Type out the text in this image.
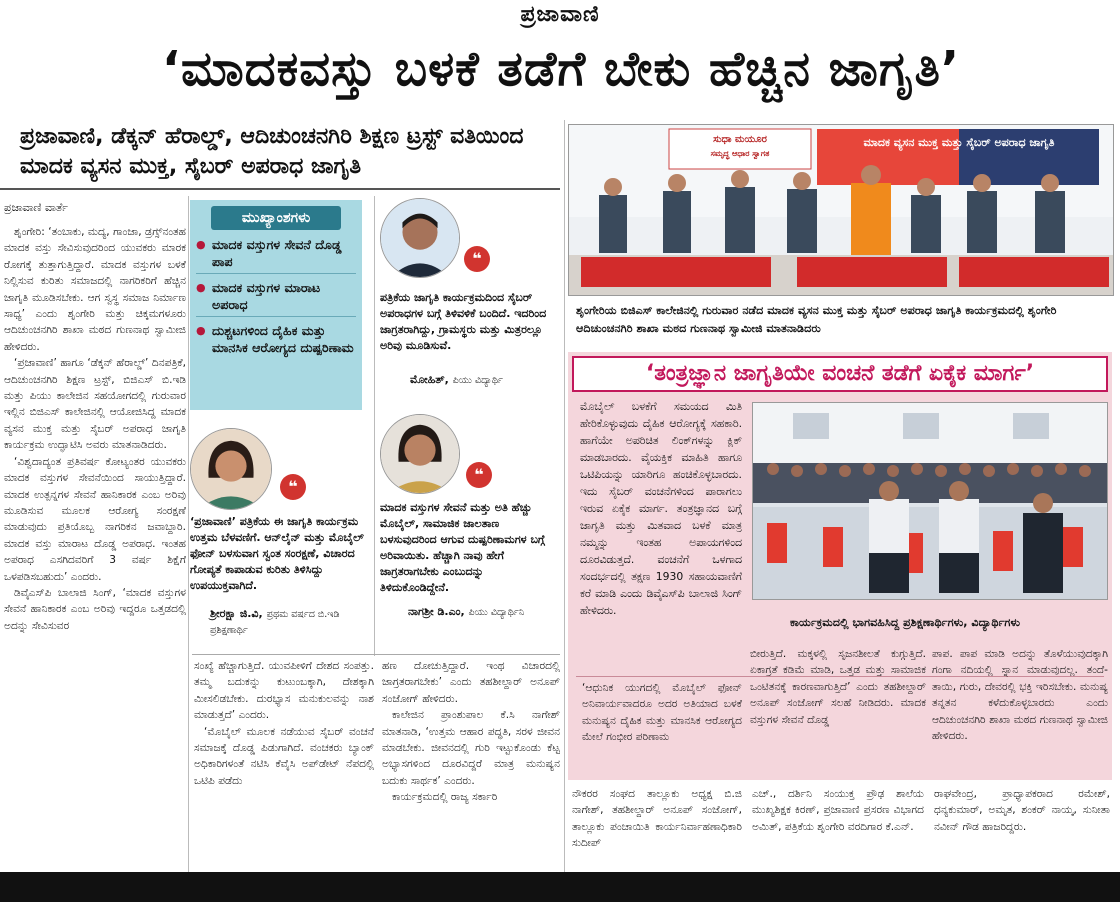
ಪ್ರಜಾವಾಣಿ
‘ಮಾದಕವಸ್ತು ಬಳಕೆ ತಡೆಗೆ ಬೇಕು ಹೆಚ್ಚಿನ ಜಾಗೃತಿ’
ಪ್ರಜಾವಾಣಿ, ಡೆಕ್ಕನ್ ಹೆರಾಲ್ಡ್, ಆದಿಚುಂಚನಗಿರಿ ಶಿಕ್ಷಣ ಟ್ರಸ್ಟ್ ವತಿಯಿಂದ ಮಾದಕ ವ್ಯಸನ ಮುಕ್ತ, ಸೈಬರ್ ಅಪರಾಧ ಜಾಗೃತಿ
ಪ್ರಜಾವಾಣಿ ವಾರ್ತೆ

ಶೃಂಗೇರಿ: ‘ತಂಬಾಕು, ಮದ್ಯ, ಗಾಂಜಾ, ಡ್ರಗ್ಸ್‌ನಂತಹ ಮಾದಕ ವಸ್ತು ಸೇವಿಸುವುದರಿಂದ ಯುವಕರು ಮಾರಕ ರೋಗಕ್ಕೆ ತುತ್ತಾಗುತ್ತಿದ್ದಾರೆ. ಮಾದಕ ವಸ್ತುಗಳ ಬಳಕೆ ನಿಲ್ಲಿಸುವ ಕುರಿತು ಸಮಾಜದಲ್ಲಿ ನಾಗರಿಕರಿಗೆ ಹೆಚ್ಚಿನ ಜಾಗೃತಿ ಮೂಡಿಸಬೇಕು. ಆಗ ಸ್ವಸ್ಥ ಸಮಾಜ ನಿರ್ಮಾಣ ಸಾಧ್ಯ’ ಎಂದು ಶೃಂಗೇರಿ ಮತ್ತು ಚಿಕ್ಕಮಗಳೂರು ಆದಿಚುಂಚನಗಿರಿ ಶಾಖಾ ಮಠದ ಗುಣನಾಥ ಸ್ವಾಮೀಜಿ ಹೇಳಿದರು.

‘ಪ್ರಜಾವಾಣಿ’ ಹಾಗೂ ‘ಡೆಕ್ಕನ್ ಹೆರಾಲ್ಡ್’ ದಿನಪತ್ರಿಕೆ, ಆದಿಚುಂಚನಗಿರಿ ಶಿಕ್ಷಣ ಟ್ರಸ್ಟ್, ಬಿಜಿಎಸ್ ಬಿ.ಇಡಿ ಮತ್ತು ಪಿಯು ಕಾಲೇಜಿನ ಸಹಯೋಗದಲ್ಲಿ ಗುರುವಾರ ಇಲ್ಲಿನ ಬಿಜಿಎಸ್ ಕಾಲೇಜಿನಲ್ಲಿ ಆಯೋಜಿಸಿದ್ದ ಮಾದಕ ವ್ಯಸನ ಮುಕ್ತ ಮತ್ತು ಸೈಬರ್ ಅಪರಾಧ ಜಾಗೃತಿ ಕಾರ್ಯಕ್ರಮ ಉದ್ಘಾಟಿಸಿ ಅವರು ಮಾತನಾಡಿದರು.

‘ವಿಶ್ವದಾದ್ಯಂತ ಪ್ರತಿವರ್ಷ ಕೋಟ್ಯಂತರ ಯುವಕರು ಮಾದಕ ವಸ್ತುಗಳ ಸೇವನೆಯಿಂದ ಸಾಯುತ್ತಿದ್ದಾರೆ. ಮಾದಕ ಉತ್ಪನ್ನಗಳ ಸೇವನೆ ಹಾನಿಕಾರಕ ಎಂಬ ಅರಿವು ಮೂಡಿಸುವ ಮೂಲಕ ಆರೋಗ್ಯ ಸಂರಕ್ಷಣೆ ಮಾಡುವುದು ಪ್ರತಿಯೊಬ್ಬ ನಾಗರಿಕನ ಜವಾಬ್ದಾರಿ. ಮಾದಕ ವಸ್ತು ಮಾರಾಟ ದೊಡ್ಡ ಅಪರಾಧ. ಇಂತಹ ಅಪರಾಧ ಎಸಗಿದವರಿಗೆ 3 ವರ್ಷ ಶಿಕ್ಷೆಗೆ ಒಳಪಡಿಸಬಹುದು’ ಎಂದರು.

ಡಿವೈಎಸ್‌ಪಿ ಬಾಲಾಜಿ ಸಿಂಗ್, ‘ಮಾದಕ ವಸ್ತುಗಳ ಸೇವನೆ ಹಾನಿಕಾರಕ ಎಂಬ ಅರಿವು ಇದ್ದರೂ ಒತ್ತಡದಲ್ಲಿ ಅದನ್ನು ಸೇವಿಸುವರ

ಮುಖ್ಯಾಂಶಗಳು
● ಮಾದಕ ವಸ್ತುಗಳ ಸೇವನೆ ದೊಡ್ಡ ಪಾಪ
● ಮಾದಕ ವಸ್ತುಗಳ ಮಾರಾಟ ಅಪರಾಧ
● ದುಶ್ಚಟಗಳಿಂದ ದೈಹಿಕ ಮತ್ತು ಮಾನಸಿಕ ಆರೋಗ್ಯದ ದುಷ್ಪರಿಣಾಮ
❝
ಪತ್ರಿಕೆಯ ಜಾಗೃತಿ ಕಾರ್ಯಕ್ರಮದಿಂದ ಸೈಬರ್ ಅಪರಾಧಗಳ ಬಗ್ಗೆ ತಿಳಿವಳಿಕೆ ಬಂದಿದೆ. ಇದರಿಂದ ಜಾಗ್ರತರಾಗಿದ್ದು, ಗ್ರಾಮಸ್ಥರು ಮತ್ತು ಮಿತ್ರರಲ್ಲೂ ಅರಿವು ಮೂಡಿಸುವೆ.
ಮೋಹಿತ್, ಪಿಯು ವಿದ್ಯಾರ್ಥಿ
❝
‘ಪ್ರಜಾವಾಣಿ’ ಪತ್ರಿಕೆಯ ಈ ಜಾಗೃತಿ ಕಾರ್ಯಕ್ರಮ ಉತ್ತಮ ಬೆಳವಣಿಗೆ. ಆನ್‌ಲೈನ್ ಮತ್ತು ಮೊಬೈಲ್ ಫೋನ್ ಬಳಸುವಾಗ ಸ್ವಂತ ಸಂರಕ್ಷಣೆ, ವಿಚಾರದ ಗೋಪ್ಯತೆ ಕಾಪಾಡುವ ಕುರಿತು ತಿಳಿಸಿದ್ದು ಉಪಯುಕ್ತವಾಗಿದೆ.
ಶ್ರೀರಕ್ಷಾ ಜಿ.ವಿ, ಪ್ರಥಮ ವರ್ಷದ ಬಿ.ಇಡಿ ಪ್ರಶಿಕ್ಷಣಾರ್ಥಿ
❝
ಮಾದಕ ವಸ್ತುಗಳ ಸೇವನೆ ಮತ್ತು ಅತಿ ಹೆಚ್ಚು ಮೊಬೈಲ್, ಸಾಮಾಜಿಕ ಜಾಲತಾಣ ಬಳಸುವುದರಿಂದ ಆಗುವ ದುಷ್ಪರಿಣಾಮಗಳ ಬಗ್ಗೆ ಅರಿವಾಯಿತು. ಹೆಚ್ಚಾಗಿ ನಾವು ಹೇಗೆ ಜಾಗ್ರತರಾಗಬೇಕು ಎಂಬುದನ್ನು ತಿಳಿದುಕೊಂಡಿದ್ದೇನೆ.
ನಾಗಶ್ರೀ ಡಿ.ಎಂ, ಪಿಯು ವಿದ್ಯಾರ್ಥಿನಿ

ಸಂಖ್ಯೆ ಹೆಚ್ಚಾಗುತ್ತಿದೆ. ಯುವಪೀಳಿಗೆ ದೇಶದ ಸಂಪತ್ತು. ತಮ್ಮ ಬದುಕನ್ನು ಕುಟುಂಬಕ್ಕಾಗಿ, ದೇಶಕ್ಕಾಗಿ ಮೀಸಲಿಡಬೇಕು. ದುರಭ್ಯಾಸ ಮನುಕುಲವನ್ನು ನಾಶ ಮಾಡುತ್ತದೆ’ ಎಂದರು.

‘ಮೊಬೈಲ್ ಮೂಲಕ ನಡೆಯುವ ಸೈಬರ್ ವಂಚನೆ ಸಮಾಜಕ್ಕೆ ದೊಡ್ಡ ಪಿಡುಗಾಗಿದೆ. ವಂಚಕರು ಬ್ಯಾಂಕ್ ಅಧಿಕಾರಿಗಳಂತೆ ನಟಿಸಿ ಕೆವೈಸಿ ಅಪ್‌ಡೇಟ್ ನೆಪದಲ್ಲಿ ಒಟಿಪಿ ಪಡೆದು

ಹಣ ದೋಚುತ್ತಿದ್ದಾರೆ. ಇಂಥ ವಿಚಾರದಲ್ಲಿ ಜಾಗ್ರತರಾಗಬೇಕು’ ಎಂದು ತಹಶೀಲ್ದಾರ್ ಅನೂಪ್ ಸಂಜೋಗ್ ಹೇಳಿದರು.

ಕಾಲೇಜಿನ ಪ್ರಾಂಶುಪಾಲ ಕೆ.ಸಿ ನಾಗೇಶ್ ಮಾತನಾಡಿ, ‘ಉತ್ತಮ ಆಹಾರ ಪದ್ಧತಿ, ಸರಳ ಜೀವನ ಮಾಡಬೇಕು. ಜೀವನದಲ್ಲಿ ಗುರಿ ಇಟ್ಟುಕೊಂಡು ಕೆಟ್ಟ ಅಭ್ಯಾಸಗಳಿಂದ ದೂರವಿದ್ದರೆ ಮಾತ್ರ ಮನುಷ್ಯನ ಬದುಕು ಸಾರ್ಥಕ’ ಎಂದರು.

ಕಾರ್ಯಕ್ರಮದಲ್ಲಿ ರಾಜ್ಯ ಸರ್ಕಾರಿ

ಸುಧಾ ಮಯೂರ
ಸಮೃದ್ಧ ಆಧಾರ ಸ್ವಾಗತ
ಮಾದಕ ವ್ಯಸನ ಮುಕ್ತ ಮತ್ತು ಸೈಬರ್ ಅಪರಾಧ ಜಾಗೃತಿ
ಶೃಂಗೇರಿಯ ಬಿಜಿಎಸ್ ಕಾಲೇಜಿನಲ್ಲಿ ಗುರುವಾರ ನಡೆದ ಮಾದಕ ವ್ಯಸನ ಮುಕ್ತ ಮತ್ತು ಸೈಬರ್ ಅಪರಾಧ ಜಾಗೃತಿ ಕಾರ್ಯಕ್ರಮದಲ್ಲಿ ಶೃಂಗೇರಿ ಆದಿಚುಂಚನಗಿರಿ ಶಾಖಾ ಮಠದ ಗುಣನಾಥ ಸ್ವಾಮೀಜಿ ಮಾತನಾಡಿದರು
‘ತಂತ್ರಜ್ಞಾನ ಜಾಗೃತಿಯೇ ವಂಚನೆ ತಡೆಗೆ ಏಕೈಕ ಮಾರ್ಗ’
ಮೊಬೈಲ್ ಬಳಕೆಗೆ ಸಮಯದ ಮಿತಿ ಹೇರಿಕೊಳ್ಳುವುದು ದೈಹಿಕ ಆರೋಗ್ಯಕ್ಕೆ ಸಹಕಾರಿ. ಹಾಗೆಯೇ ಅಪರಿಚಿತ ಲಿಂಕ್‌ಗಳನ್ನು ಕ್ಲಿಕ್ ಮಾಡಬಾರದು. ವೈಯಕ್ತಿಕ ಮಾಹಿತಿ ಹಾಗೂ ಒಟಿಪಿಯನ್ನು ಯಾರಿಗೂ ಹಂಚಿಕೊಳ್ಳಬಾರದು. ಇದು ಸೈಬರ್ ವಂಚನೆಗಳಿಂದ ಪಾರಾಗಲು ಇರುವ ಏಕೈಕ ಮಾರ್ಗ. ತಂತ್ರಜ್ಞಾನದ ಬಗ್ಗೆ ಜಾಗೃತಿ ಮತ್ತು ಮಿತವಾದ ಬಳಕೆ ಮಾತ್ರ ನಮ್ಮನ್ನು ಇಂತಹ ಅಪಾಯಗಳಿಂದ ದೂರವಿಡುತ್ತದೆ. ವಂಚನೆಗೆ ಒಳಗಾದ ಸಂದರ್ಭದಲ್ಲಿ ತಕ್ಷಣ 1930 ಸಹಾಯವಾಣಿಗೆ ಕರೆ ಮಾಡಿ ಎಂದು ಡಿವೈಎಸ್‌ಪಿ ಬಾಲಾಜಿ ಸಿಂಗ್ ಹೇಳಿದರು.
ಕಾರ್ಯಕ್ರಮದಲ್ಲಿ ಭಾಗವಹಿಸಿದ್ದ ಪ್ರಶಿಕ್ಷಣಾರ್ಥಿಗಳು, ವಿದ್ಯಾರ್ಥಿಗಳು
‘ಆಧುನಿಕ ಯುಗದಲ್ಲಿ ಮೊಬೈಲ್ ಫೋನ್ ಅನಿವಾರ್ಯವಾದರೂ ಅದರ ಅತಿಯಾದ ಬಳಕೆ ಮನುಷ್ಯನ ದೈಹಿಕ ಮತ್ತು ಮಾನಸಿಕ ಆರೋಗ್ಯದ ಮೇಲೆ ಗಂಭೀರ ಪರಿಣಾಮ
ಬೀರುತ್ತಿದೆ. ಮಕ್ಕಳಲ್ಲಿ ಸೃಜನಶೀಲತೆ ಕುಗ್ಗುತ್ತಿದೆ. ಏಕಾಗ್ರತೆ ಕಡಿಮೆ ಮಾಡಿ, ಒತ್ತಡ ಮತ್ತು ಸಾಮಾಜಿಕ ಒಂಟಿತನಕ್ಕೆ ಕಾರಣವಾಗುತ್ತಿದೆ’ ಎಂದು ತಹಶೀಲ್ದಾರ್ ಅನೂಪ್ ಸಂಜೋಗ್ ಸಲಹೆ ನೀಡಿದರು. ಮಾದಕ ವಸ್ತುಗಳ ಸೇವನೆ ದೊಡ್ಡ
ಪಾಪ. ಪಾಪ ಮಾಡಿ ಅದನ್ನು ತೊಳೆಯುವುದಕ್ಕಾಗಿ ಗಂಗಾ ನದಿಯಲ್ಲಿ ಸ್ನಾನ ಮಾಡುವುದಲ್ಲ. ತಂದೆ-ತಾಯಿ, ಗುರು, ದೇವರಲ್ಲಿ ಭಕ್ತಿ ಇರಿಸಬೇಕು. ಮನುಷ್ಯ ತನ್ನತನ ಕಳೆದುಕೊಳ್ಳಬಾರದು ಎಂದು ಆದಿಚುಂಚನಗಿರಿ ಶಾಖಾ ಮಠದ ಗುಣನಾಥ ಸ್ವಾಮೀಜಿ ಹೇಳಿದರು.
ನೌಕರರ ಸಂಘದ ತಾಲ್ಲೂಕು ಅಧ್ಯಕ್ಷ ಬಿ.ಜಿ ನಾಗೇಶ್, ತಹಶೀಲ್ದಾರ್ ಅನೂಪ್ ಸಂಜೋಗ್, ತಾಲ್ಲೂಕು ಪಂಚಾಯಿತಿ ಕಾರ್ಯನಿರ್ವಾಹಣಾಧಿಕಾರಿ ಸುದೀಪ್
ಎಚ್., ದರ್ಶಿನಿ ಸಂಯುಕ್ತ ಪ್ರೌಢ ಶಾಲೆಯ ಮುಖ್ಯಶಿಕ್ಷಕ ಕಿರಣ್, ಪ್ರಜಾವಾಣಿ ಪ್ರಸರಣ ವಿಭಾಗದ ಅಮಿತ್, ಪತ್ರಿಕೆಯ ಶೃಂಗೇರಿ ವರದಿಗಾರ ಕೆ.ಎನ್.
ರಾಘವೇಂದ್ರ, ಪ್ರಾಧ್ಯಾಪಕರಾದ ರಮೇಶ್, ಧನ್ಯಕುಮಾರ್, ಅಮೃತ, ಶಂಕರ್ ನಾಯ್ಕ, ಸುನೀತಾ ನವೀನ್ ಗೌಡ ಹಾಜರಿದ್ದರು.
